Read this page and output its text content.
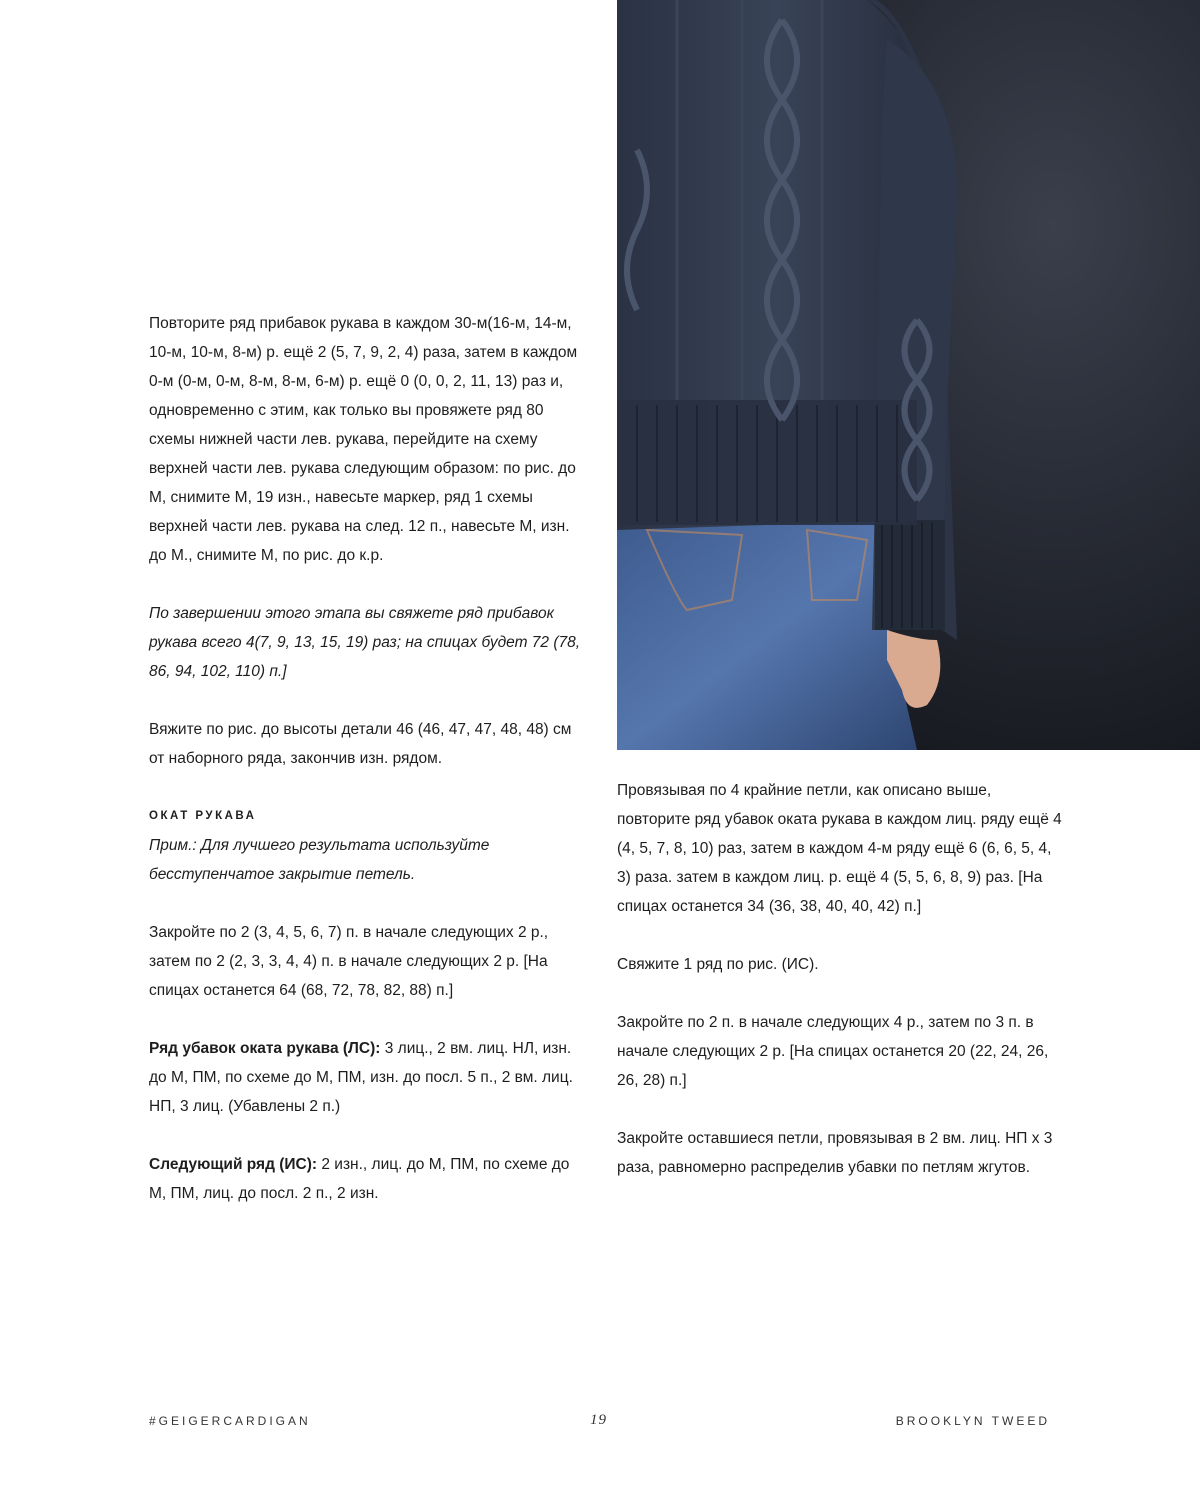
Повторите ряд прибавок рукава в каждом 30-м(16-м, 14-м, 10-м, 10-м, 8-м) р. ещё 2 (5, 7, 9, 2, 4) раза, затем в каждом 0-м (0-м, 0-м, 8-м, 8-м, 6-м) р. ещё 0 (0, 0, 2, 11, 13) раз и, одновременно с этим, как только вы провяжете ряд 80 схемы нижней части лев. рукава, перейдите на схему верхней части лев. рукава следующим образом: по рис. до М, снимите М, 19 изн., навесьте маркер, ряд 1 схемы верхней части лев. рукава на след. 12 п., навесьте М, изн. до М., снимите М, по рис. до к.р.

По завершении этого этапа вы свяжете ряд прибавок рукава всего 4(7, 9, 13, 15, 19) раз; на спицах будет 72 (78, 86, 94, 102, 110) п.]

Вяжите по рис. до высоты детали 46 (46, 47, 47, 48, 48) см от наборного ряда, закончив изн. рядом.

ОКАТ РУКАВА

Прим.: Для лучшего результата используйте бесступенчатое закрытие петель.

Закройте по 2 (3, 4, 5, 6, 7) п. в начале следующих 2 р., затем по 2 (2, 3, 3, 4, 4) п. в начале следующих 2 р. [На спицах останется 64 (68, 72, 78, 82, 88) п.]

Ряд убавок оката рукава (ЛС): 3 лиц., 2 вм. лиц. НЛ, изн. до М, ПМ, по схеме до М, ПМ, изн. до посл. 5 п., 2 вм. лиц. НП, 3 лиц. (Убавлены 2 п.)

Следующий ряд (ИС): 2 изн., лиц. до М, ПМ, по схеме до М, ПМ, лиц. до посл. 2 п., 2 изн.

Провязывая по 4 крайние петли, как описано выше, повторите ряд убавок оката рукава в каждом лиц. ряду ещё 4 (4, 5, 7, 8, 10) раз, затем в каждом 4-м ряду ещё 6 (6, 6, 5, 4, 3) раза. затем в каждом лиц. р. ещё 4 (5, 5, 6, 8, 9) раз. [На спицах останется 34 (36, 38, 40, 40, 42) п.]

Свяжите 1 ряд по рис. (ИС).

Закройте по 2 п. в начале следующих 4 р., затем по 3 п. в начале следующих 2 р. [На спицах останется 20 (22, 24, 26, 26, 28) п.]

Закройте оставшиеся петли, провязывая в 2 вм. лиц. НП х 3 раза, равномерно распределив убавки по петлям жгутов.

#GEIGERCARDIGAN	19	BROOKLYN TWEED
